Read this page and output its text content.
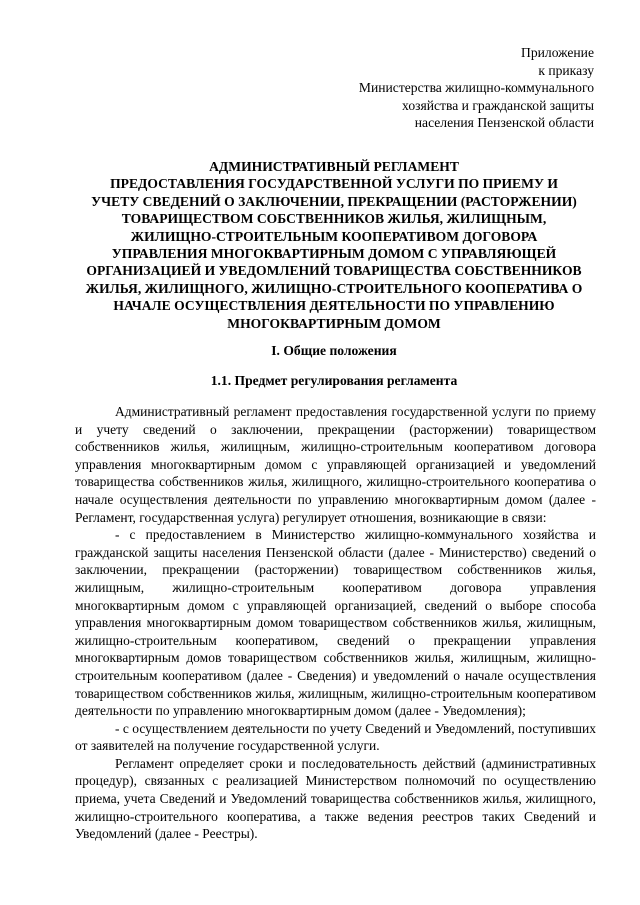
Приложение
к приказу
Министерства жилищно-коммунального
хозяйства и гражданской защиты
населения Пензенской области
АДМИНИСТРАТИВНЫЙ РЕГЛАМЕНТ
ПРЕДОСТАВЛЕНИЯ ГОСУДАРСТВЕННОЙ УСЛУГИ ПО ПРИЕМУ И
УЧЕТУ СВЕДЕНИЙ О ЗАКЛЮЧЕНИИ, ПРЕКРАЩЕНИИ (РАСТОРЖЕНИИ)
ТОВАРИЩЕСТВОМ СОБСТВЕННИКОВ ЖИЛЬЯ, ЖИЛИЩНЫМ,
ЖИЛИЩНО-СТРОИТЕЛЬНЫМ КООПЕРАТИВОМ ДОГОВОРА
УПРАВЛЕНИЯ МНОГОКВАРТИРНЫМ ДОМОМ С УПРАВЛЯЮЩЕЙ
ОРГАНИЗАЦИЕЙ И УВЕДОМЛЕНИЙ ТОВАРИЩЕСТВА СОБСТВЕННИКОВ
ЖИЛЬЯ, ЖИЛИЩНОГО, ЖИЛИЩНО-СТРОИТЕЛЬНОГО КООПЕРАТИВА О
НАЧАЛЕ ОСУЩЕСТВЛЕНИЯ ДЕЯТЕЛЬНОСТИ ПО УПРАВЛЕНИЮ
МНОГОКВАРТИРНЫМ ДОМОМ
I. Общие положения
1.1. Предмет регулирования регламента

Административный регламент предоставления государственной услуги по приему и учету сведений о заключении, прекращении (расторжении) товариществом собственников жилья, жилищным, жилищно-строительным кооперативом договора управления многоквартирным домом с управляющей организацией и уведомлений товарищества собственников жилья, жилищного, жилищно-строительного кооператива о начале осуществления деятельности по управлению многоквартирным домом (далее - Регламент, государственная услуга) регулирует отношения, возникающие в связи:

- с предоставлением в Министерство жилищно-коммунального хозяйства и гражданской защиты населения Пензенской области (далее - Министерство) сведений о заключении, прекращении (расторжении) товариществом собственников жилья, жилищным, жилищно-строительным кооперативом договора управления многоквартирным домом с управляющей организацией, сведений о выборе способа управления многоквартирным домом товариществом собственников жилья, жилищным, жилищно-строительным кооперативом, сведений о прекращении управления многоквартирным домов товариществом собственников жилья, жилищным, жилищно-строительным кооперативом (далее - Сведения) и уведомлений о начале осуществления товариществом собственников жилья, жилищным, жилищно-строительным кооперативом деятельности по управлению многоквартирным домом (далее - Уведомления);

- с осуществлением деятельности по учету Сведений и Уведомлений, поступивших от заявителей на получение государственной услуги.

Регламент определяет сроки и последовательность действий (административных процедур), связанных с реализацией Министерством полномочий по осуществлению приема, учета Сведений и Уведомлений товарищества собственников жилья, жилищного, жилищно-строительного кооператива, а также ведения реестров таких Сведений и Уведомлений (далее - Реестры).
